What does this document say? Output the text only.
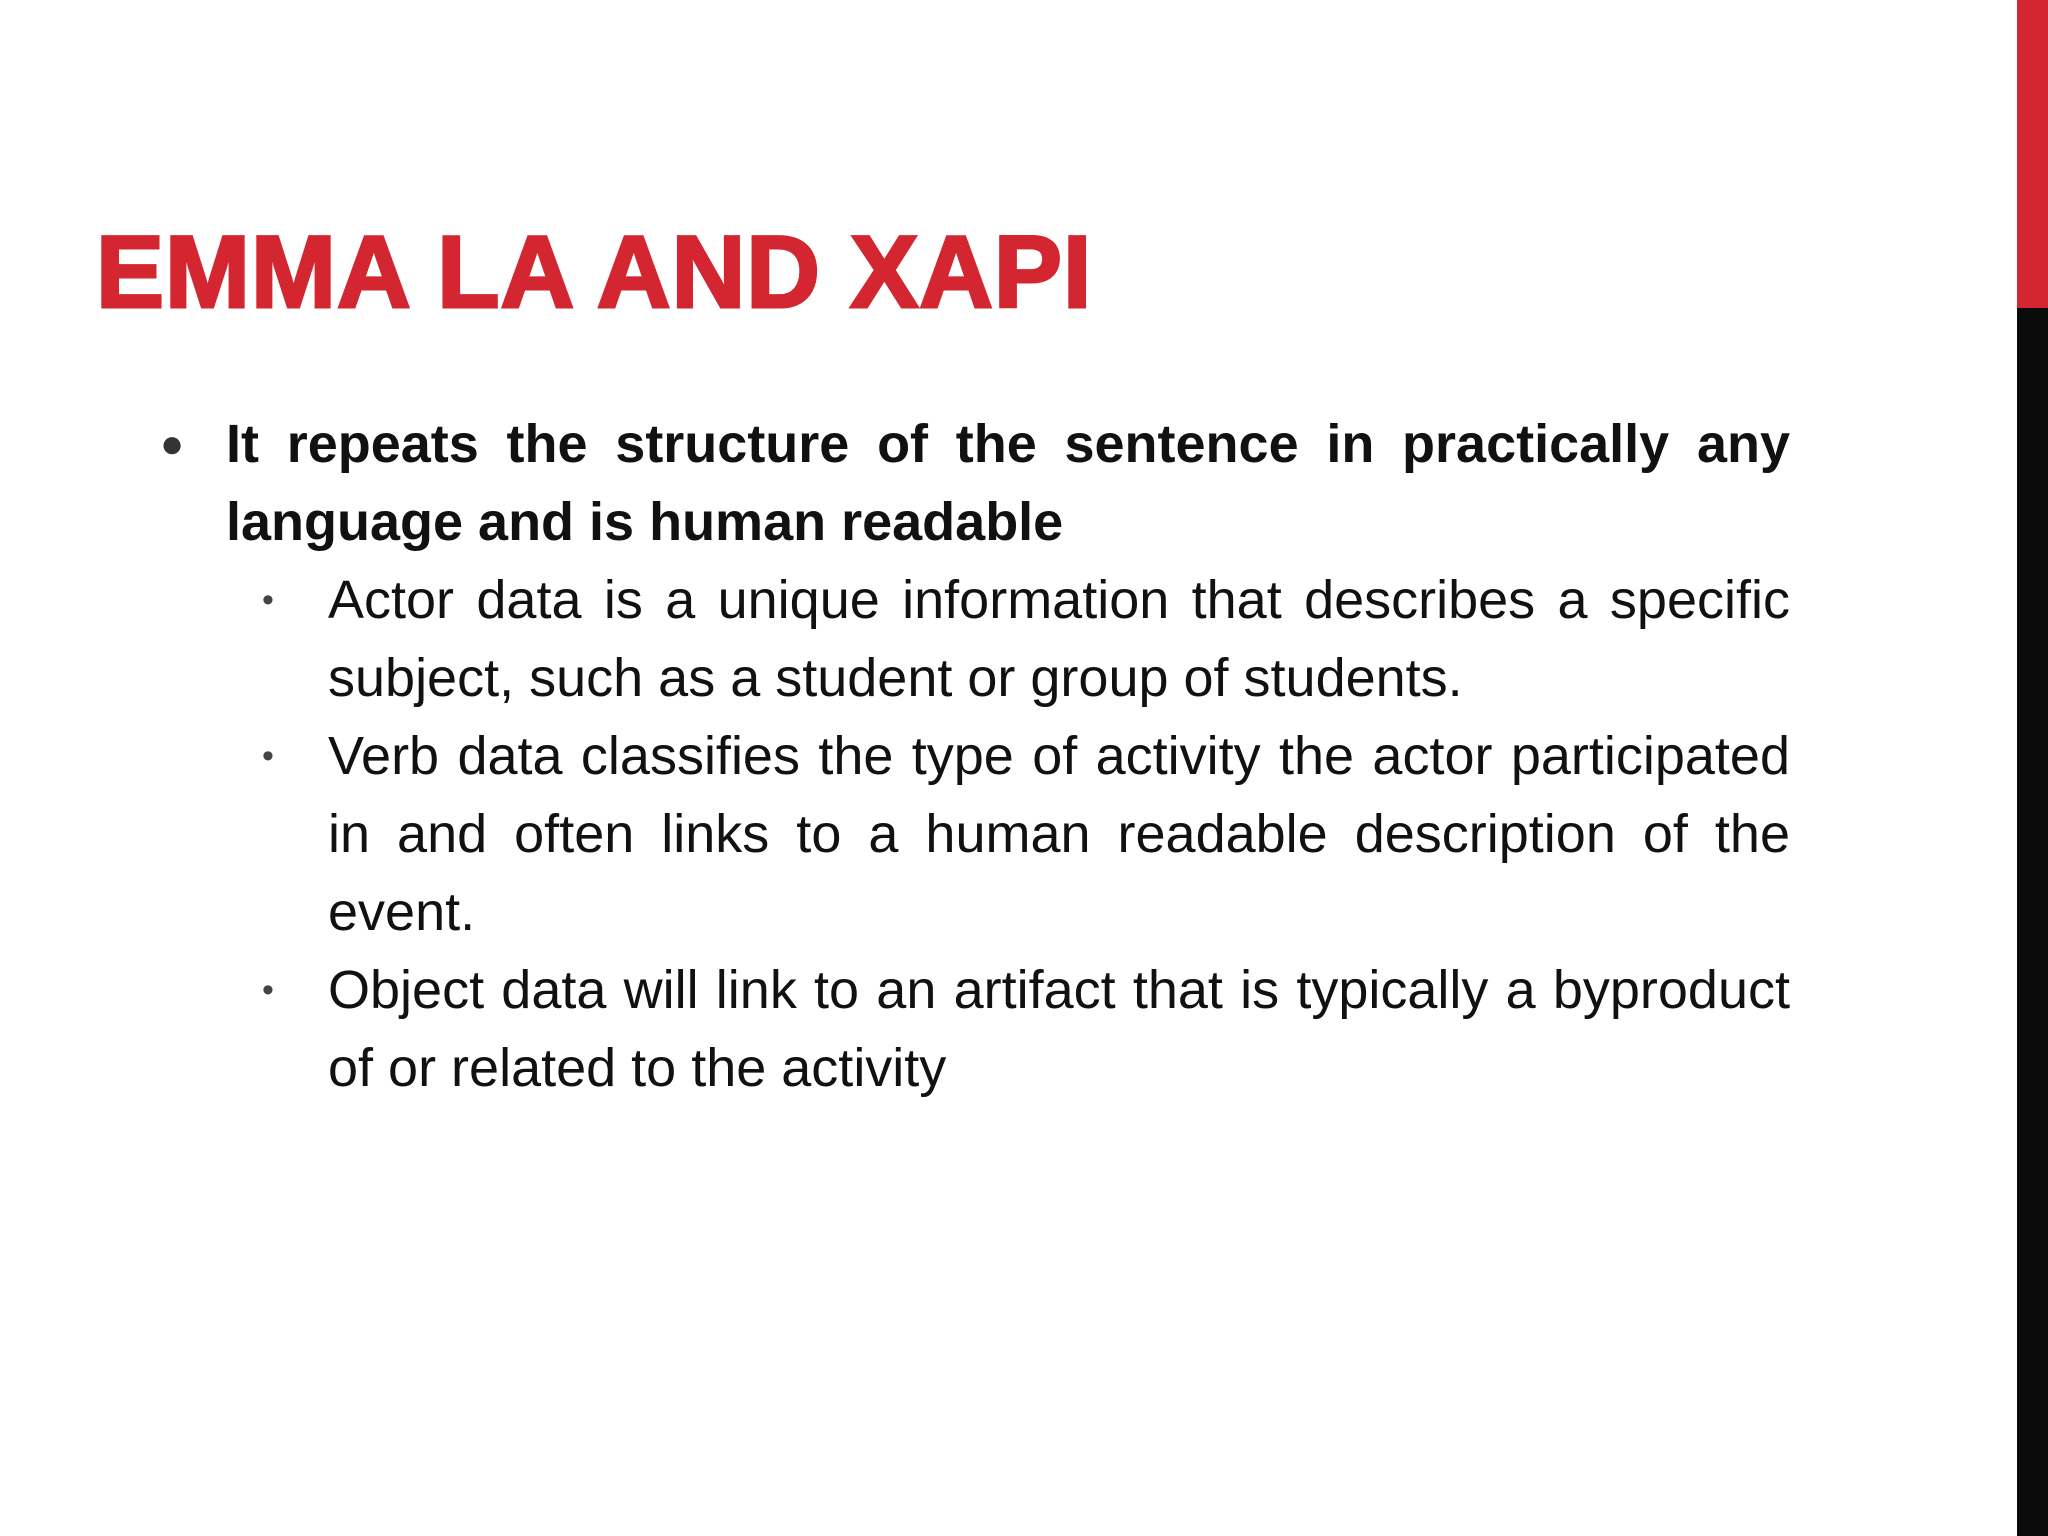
EMMA LA AND XAPI
● It repeats the structure of the sentence in practically any language and is human readable
•	Actor data is a unique information that describes a specific subject, such as a student or group of students.
•	Verb data classifies the type of activity the actor participated in and often links to a human readable description of the event.
•	Object data will link to an artifact that is typically a byproduct of or related to the activity
